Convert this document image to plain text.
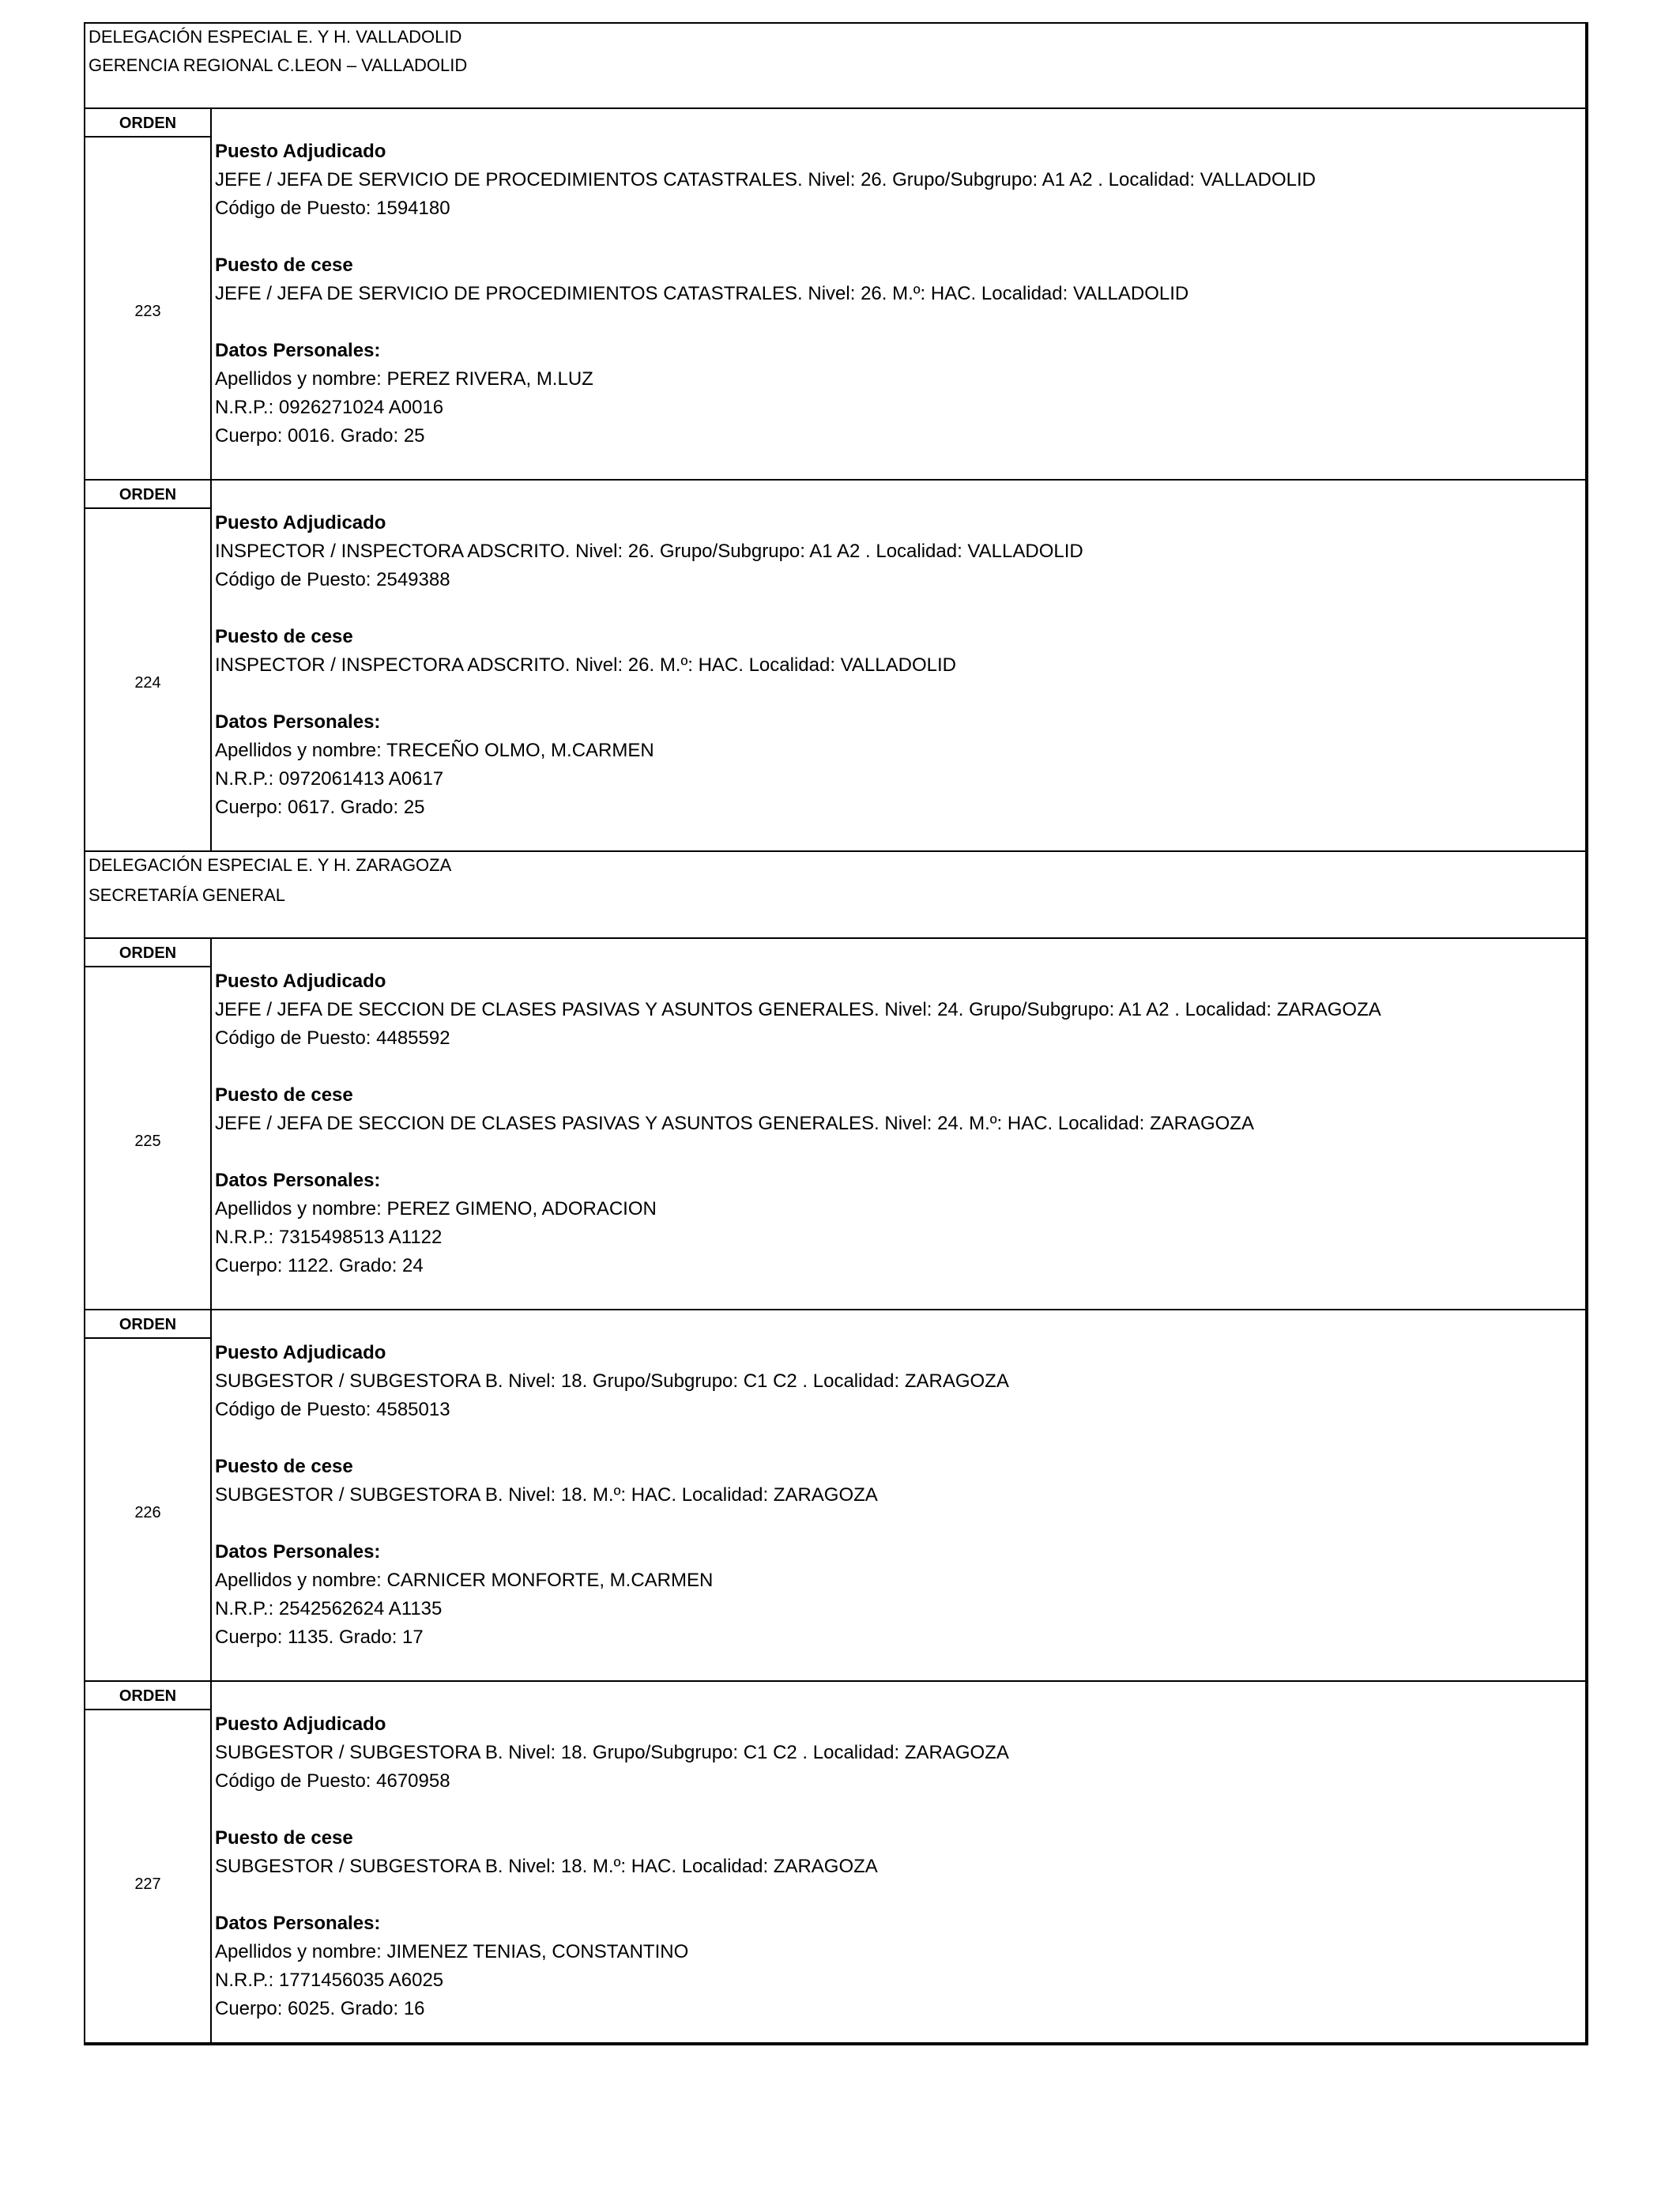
DELEGACIÓN ESPECIAL E. Y H. VALLADOLID
GERENCIA REGIONAL C.LEON – VALLADOLID
ORDEN
223
Puesto Adjudicado
JEFE / JEFA DE SERVICIO DE PROCEDIMIENTOS CATASTRALES. Nivel: 26. Grupo/Subgrupo: A1 A2 . Localidad: VALLADOLID
Código de Puesto: 1594180
Puesto de cese
JEFE / JEFA DE SERVICIO DE PROCEDIMIENTOS CATASTRALES. Nivel: 26. M.º: HAC. Localidad: VALLADOLID
Datos Personales:
Apellidos y nombre: PEREZ RIVERA, M.LUZ
N.R.P.: 0926271024 A0016
Cuerpo: 0016. Grado: 25
ORDEN
224
Puesto Adjudicado
INSPECTOR / INSPECTORA ADSCRITO. Nivel: 26. Grupo/Subgrupo: A1 A2 . Localidad: VALLADOLID
Código de Puesto: 2549388
Puesto de cese
INSPECTOR / INSPECTORA ADSCRITO. Nivel: 26. M.º: HAC. Localidad: VALLADOLID
Datos Personales:
Apellidos y nombre: TRECEÑO OLMO, M.CARMEN
N.R.P.: 0972061413 A0617
Cuerpo: 0617. Grado: 25
DELEGACIÓN ESPECIAL E. Y H. ZARAGOZA
SECRETARÍA GENERAL
ORDEN
225
Puesto Adjudicado
JEFE / JEFA DE SECCION DE CLASES PASIVAS Y ASUNTOS GENERALES. Nivel: 24. Grupo/Subgrupo: A1 A2 . Localidad: ZARAGOZA
Código de Puesto: 4485592
Puesto de cese
JEFE / JEFA DE SECCION DE CLASES PASIVAS Y ASUNTOS GENERALES. Nivel: 24. M.º: HAC. Localidad: ZARAGOZA
Datos Personales:
Apellidos y nombre: PEREZ GIMENO, ADORACION
N.R.P.: 7315498513 A1122
Cuerpo: 1122. Grado: 24
ORDEN
226
Puesto Adjudicado
SUBGESTOR / SUBGESTORA B. Nivel: 18. Grupo/Subgrupo: C1 C2 . Localidad: ZARAGOZA
Código de Puesto: 4585013
Puesto de cese
SUBGESTOR / SUBGESTORA B. Nivel: 18. M.º: HAC. Localidad: ZARAGOZA
Datos Personales:
Apellidos y nombre: CARNICER MONFORTE, M.CARMEN
N.R.P.: 2542562624 A1135
Cuerpo: 1135. Grado: 17
ORDEN
227
Puesto Adjudicado
SUBGESTOR / SUBGESTORA B. Nivel: 18. Grupo/Subgrupo: C1 C2 . Localidad: ZARAGOZA
Código de Puesto: 4670958
Puesto de cese
SUBGESTOR / SUBGESTORA B. Nivel: 18. M.º: HAC. Localidad: ZARAGOZA
Datos Personales:
Apellidos y nombre: JIMENEZ TENIAS, CONSTANTINO
N.R.P.: 1771456035 A6025
Cuerpo: 6025. Grado: 16
